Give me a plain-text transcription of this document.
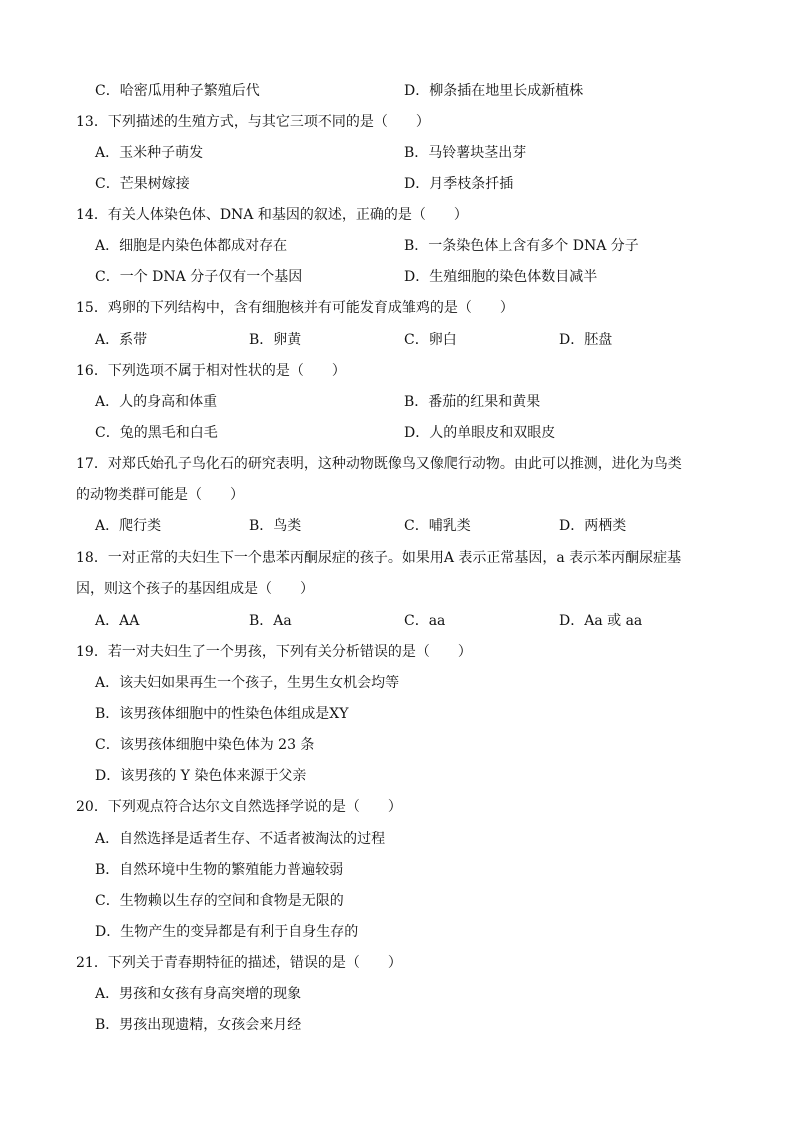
C．哈密瓜用种子繁殖后代	D．柳条插在地里长成新植株
13．下列描述的生殖方式，与其它三项不同的是（　　）
A．玉米种子萌发	B．马铃薯块茎出芽
C．芒果树嫁接	D．月季枝条扦插
14．有关人体染色体、DNA 和基因的叙述，正确的是（　　）
A．细胞是内染色体都成对存在	B．一条染色体上含有多个 DNA 分子
C．一个 DNA 分子仅有一个基因	D．生殖细胞的染色体数目减半
15．鸡卵的下列结构中，含有细胞核并有可能发育成雏鸡的是（　　）
A．系带	B．卵黄	C．卵白	D．胚盘
16．下列选项不属于相对性状的是（　　）
A．人的身高和体重	B．番茄的红果和黄果
C．兔的黑毛和白毛	D．人的单眼皮和双眼皮
17．对郑氏始孔子鸟化石的研究表明，这种动物既像鸟又像爬行动物。由此可以推测，进化为鸟类
的动物类群可能是（　　）
A．爬行类	B．鸟类	C．哺乳类	D．两栖类
18．一对正常的夫妇生下一个患苯丙酮尿症的孩子。如果用A 表示正常基因，a 表示苯丙酮尿症基
因，则这个孩子的基因组成是（　　）
A．AA	B．Aa	C．aa	D．Aa 或 aa
19．若一对夫妇生了一个男孩，下列有关分析错误的是（　　）
A．该夫妇如果再生一个孩子，生男生女机会均等
B．该男孩体细胞中的性染色体组成是XY
C．该男孩体细胞中染色体为 23 条
D．该男孩的 Y 染色体来源于父亲
20．下列观点符合达尔文自然选择学说的是（　　）
A．自然选择是适者生存、不适者被淘汰的过程
B．自然环境中生物的繁殖能力普遍较弱
C．生物赖以生存的空间和食物是无限的
D．生物产生的变异都是有利于自身生存的
21．下列关于青春期特征的描述，错误的是（　　）
A．男孩和女孩有身高突增的现象
B．男孩出现遗精，女孩会来月经
